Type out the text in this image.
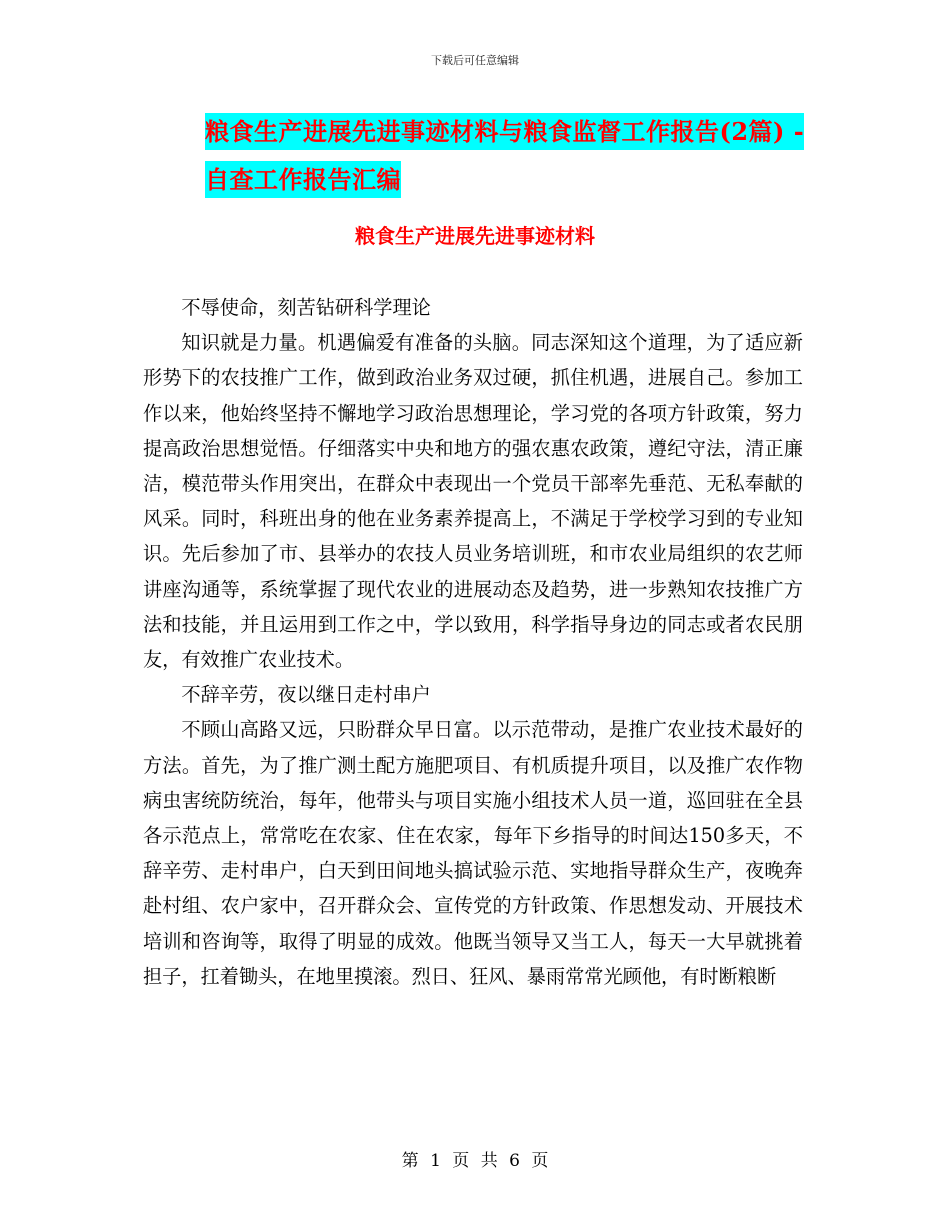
下载后可任意编辑
粮食生产进展先进事迹材料与粮食监督工作报告(2篇) - 自查工作报告汇编
粮食生产进展先进事迹材料

不辱使命，刻苦钻研科学理论

知识就是力量。机遇偏爱有准备的头脑。同志深知这个道理，为了适应新形势下的农技推广工作，做到政治业务双过硬，抓住机遇，进展自己。参加工作以来，他始终坚持不懈地学习政治思想理论，学习党的各项方针政策，努力提高政治思想觉悟。仔细落实中央和地方的强农惠农政策，遵纪守法，清正廉洁，模范带头作用突出，在群众中表现出一个党员干部率先垂范、无私奉献的风采。同时，科班出身的他在业务素养提高上，不满足于学校学习到的专业知识。先后参加了市、县举办的农技人员业务培训班，和市农业局组织的农艺师讲座沟通等，系统掌握了现代农业的进展动态及趋势，进一步熟知农技推广方法和技能，并且运用到工作之中，学以致用，科学指导身边的同志或者农民朋友，有效推广农业技术。

不辞辛劳，夜以继日走村串户

不顾山高路又远，只盼群众早日富。以示范带动，是推广农业技术最好的方法。首先，为了推广测土配方施肥项目、有机质提升项目，以及推广农作物病虫害统防统治，每年，他带头与项目实施小组技术人员一道，巡回驻在全县各示范点上，常常吃在农家、住在农家，每年下乡指导的时间达150多天，不辞辛劳、走村串户，白天到田间地头搞试验示范、实地指导群众生产，夜晚奔赴村组、农户家中，召开群众会、宣传党的方针政策、作思想发动、开展技术培训和咨询等，取得了明显的成效。他既当领导又当工人，每天一大早就挑着担子，扛着锄头，在地里摸滚。烈日、狂风、暴雨常常光顾他，有时断粮断

第 1 页 共 6 页
